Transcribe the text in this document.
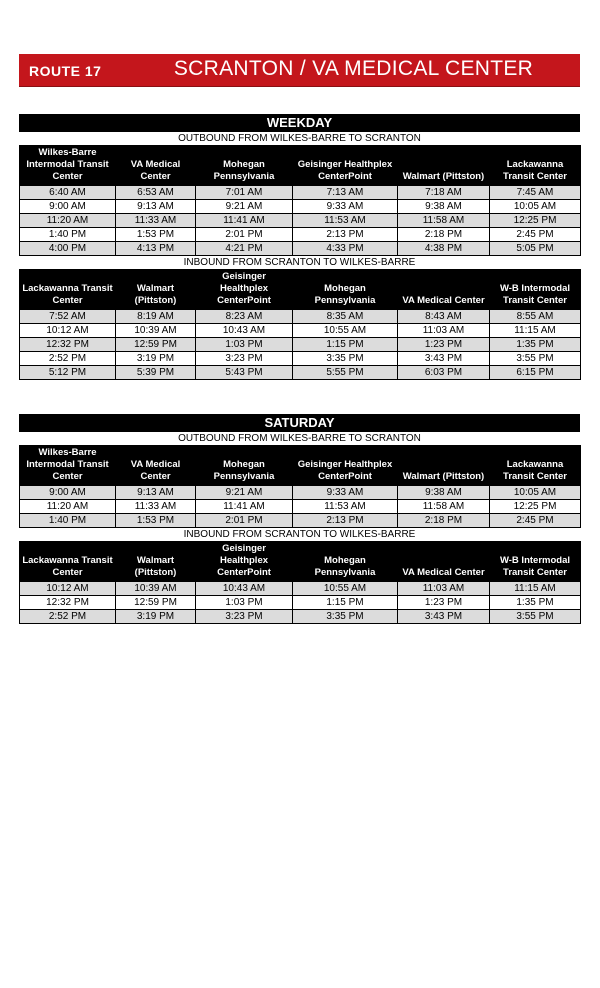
ROUTE 17	SCRANTON / VA MEDICAL CENTER
WEEKDAY
OUTBOUND FROM WILKES-BARRE TO SCRANTON
Wilkes-Barre Intermodal Transit Center	VA Medical Center	Mohegan Pennsylvania	Geisinger Healthplex CenterPoint	Walmart (Pittston)	Lackawanna Transit Center
6:40 AM	6:53 AM	7:01 AM	7:13 AM	7:18 AM	7:45 AM
9:00 AM	9:13 AM	9:21 AM	9:33 AM	9:38 AM	10:05 AM
11:20 AM	11:33 AM	11:41 AM	11:53 AM	11:58 AM	12:25 PM
1:40 PM	1:53 PM	2:01 PM	2:13 PM	2:18 PM	2:45 PM
4:00 PM	4:13 PM	4:21 PM	4:33 PM	4:38 PM	5:05 PM
INBOUND FROM SCRANTON TO WILKES-BARRE
Lackawanna Transit Center	Walmart (Pittston)	Geisinger Healthplex CenterPoint	Mohegan Pennsylvania	VA Medical Center	W-B Intermodal Transit Center
7:52 AM	8:19 AM	8:23 AM	8:35 AM	8:43 AM	8:55 AM
10:12 AM	10:39 AM	10:43 AM	10:55 AM	11:03 AM	11:15 AM
12:32 PM	12:59 PM	1:03 PM	1:15 PM	1:23 PM	1:35 PM
2:52 PM	3:19 PM	3:23 PM	3:35 PM	3:43 PM	3:55 PM
5:12 PM	5:39 PM	5:43 PM	5:55 PM	6:03 PM	6:15 PM
SATURDAY
OUTBOUND FROM WILKES-BARRE TO SCRANTON
Wilkes-Barre Intermodal Transit Center	VA Medical Center	Mohegan Pennsylvania	Geisinger Healthplex CenterPoint	Walmart (Pittston)	Lackawanna Transit Center
9:00 AM	9:13 AM	9:21 AM	9:33 AM	9:38 AM	10:05 AM
11:20 AM	11:33 AM	11:41 AM	11:53 AM	11:58 AM	12:25 PM
1:40 PM	1:53 PM	2:01 PM	2:13 PM	2:18 PM	2:45 PM
INBOUND FROM SCRANTON TO WILKES-BARRE
Lackawanna Transit Center	Walmart (Pittston)	Geisinger Healthplex CenterPoint	Mohegan Pennsylvania	VA Medical Center	W-B Intermodal Transit Center
10:12 AM	10:39 AM	10:43 AM	10:55 AM	11:03 AM	11:15 AM
12:32 PM	12:59 PM	1:03 PM	1:15 PM	1:23 PM	1:35 PM
2:52 PM	3:19 PM	3:23 PM	3:35 PM	3:43 PM	3:55 PM
